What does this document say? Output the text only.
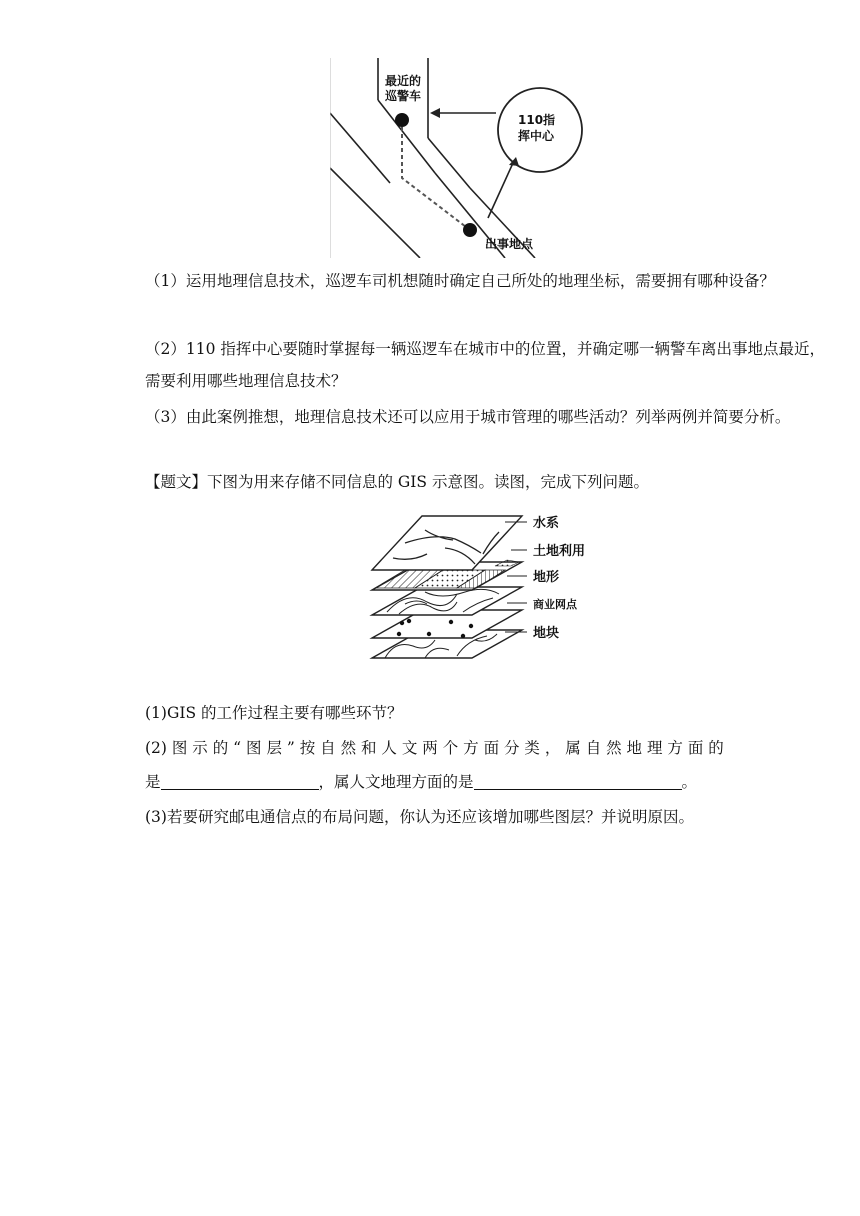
最近的
巡警车
110指
挥中心
出事地点

（1）运用地理信息技术，巡逻车司机想随时确定自己所处的地理坐标，需要拥有哪种设备？

（2）110 指挥中心要随时掌握每一辆巡逻车在城市中的位置，并确定哪一辆警车离出事地点最近，需要利用哪些地理信息技术？

（3）由此案例推想，地理信息技术还可以应用于城市管理的哪些活动？列举两例并简要分析。

【题文】下图为用来存储不同信息的 GIS 示意图。读图，完成下列问题。

水系
土地利用
地形
商业网点
地块

(1)GIS 的工作过程主要有哪些环节？

(2) 图 示 的 “ 图 层 ” 按 自 然 和 人 文 两 个 方 面 分 类 ， 属 自 然 地 理 方 面 的

是	，属人文地理方面的是	。

(3)若要研究邮电通信点的布局问题，你认为还应该增加哪些图层？并说明原因。
